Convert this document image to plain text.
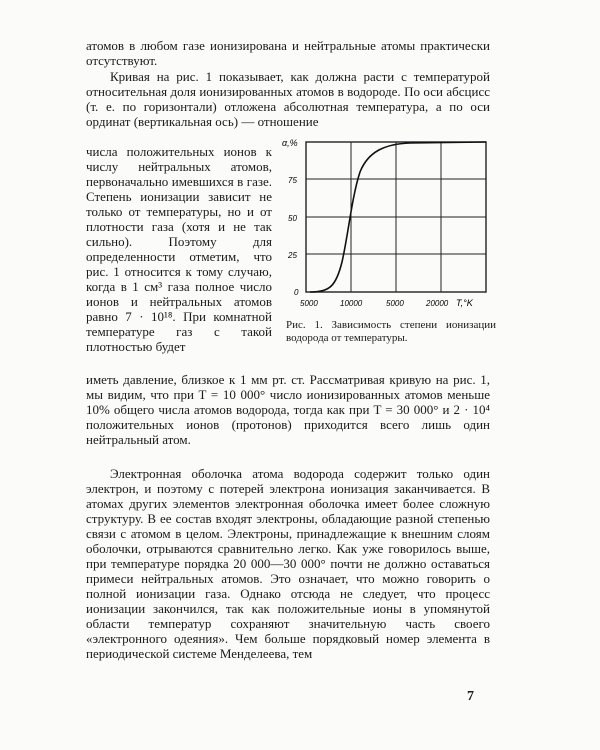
атомов в любом газе ионизирована и нейтральные атомы практически отсутствуют.

Кривая на рис. 1 показывает, как должна расти с температурой относительная доля ионизированных атомов в водороде. По оси абсцисс (т. е. по горизонтали) отложена абсолютная температура, а по оси ординат (вертикальная ось) — отношение

числа положительных ионов к числу нейтральных атомов, первоначально имевшихся в газе. Степень ионизации зависит не только от температуры, но и от плотности газа (хотя и не так сильно). Поэтому для определенности отметим, что рис. 1 относится к тому случаю, когда в 1 см³ газа полное число ионов и нейтральных атомов равно 7 · 10¹⁸. При комнатной температуре газ с такой плотностью будет

α,%
T,°K
75
50
25
0
5000	10000	5000	20000

Рис. 1. Зависимость степени ионизации водорода от температуры.

иметь давление, близкое к 1 мм рт. ст. Рассматривая кривую на рис. 1, мы видим, что при T = 10 000° число ионизированных атомов меньше 10% общего числа атомов водорода, тогда как при T = 30 000° и 2 · 10⁴ положительных ионов (протонов) приходится всего лишь один нейтральный атом.

Электронная оболочка атома водорода содержит только один электрон, и поэтому с потерей электрона ионизация заканчивается. В атомах других элементов электронная оболочка имеет более сложную структуру. В ее состав входят электроны, обладающие разной степенью связи с атомом в целом. Электроны, принадлежащие к внешним слоям оболочки, отрываются сравнительно легко. Как уже говорилось выше, при температуре порядка 20 000—30 000° почти не должно оставаться примеси нейтральных атомов. Это означает, что можно говорить о полной ионизации газа. Однако отсюда не следует, что процесс ионизации закончился, так как положительные ионы в упомянутой области температур сохраняют значительную часть своего «электронного одеяния». Чем больше порядковый номер элемента в периодической системе Менделеева, тем

7
